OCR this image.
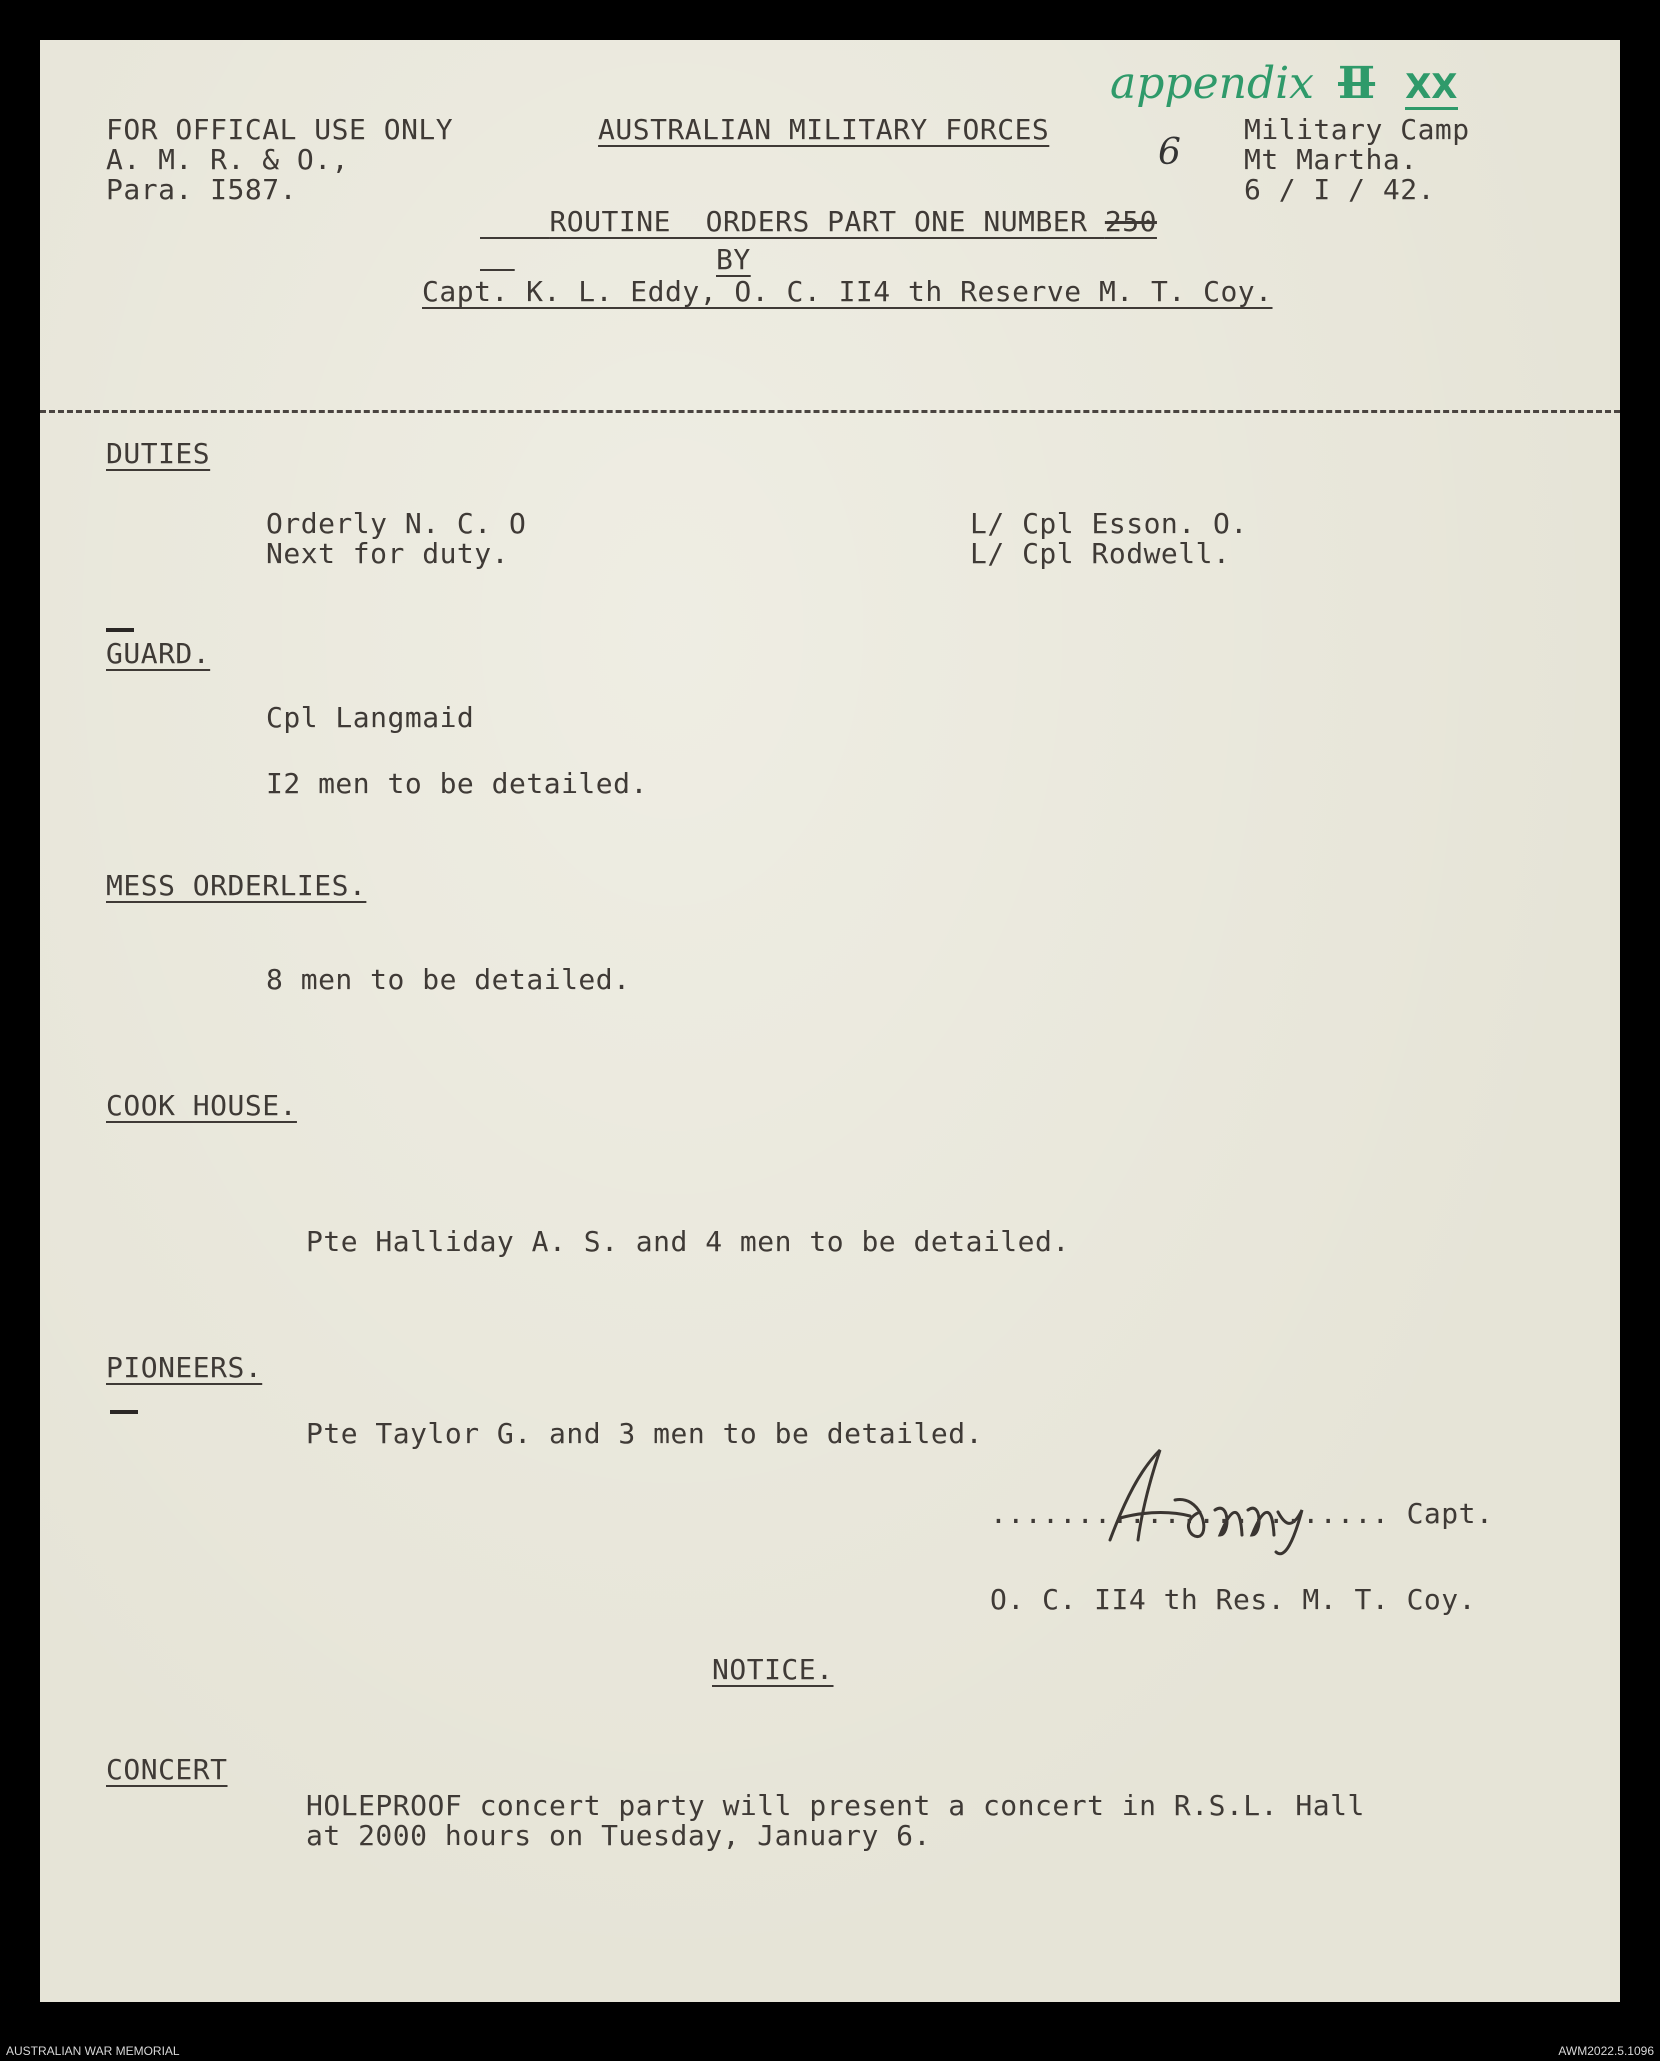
appendix Ⅱ XX
FOR OFFICAL USE ONLY
A. M. R. & O.,
Para. I587.
AUSTRALIAN MILITARY FORCES
6

ROUTINE  ORDERS PART ONE NUMBER 250

Military Camp
Mt Martha.
6 / I / 42.
BY
Capt. K. L. Eddy, O. C. II4 th Reserve M. T. Coy.
DUTIES
Orderly N. C. O	L/ Cpl Esson. O.
Next for duty.	L/ Cpl Rodwell.
GUARD.
Cpl Langmaid
I2 men to be detailed.
MESS ORDERLIES.
8 men to be detailed.
COOK HOUSE.
Pte Halliday A. S. and 4 men to be detailed.
PIONEERS.
Pte Taylor G. and 3 men to be detailed.
....................... Capt.
O. C. II4 th Res. M. T. Coy.
NOTICE.
CONCERT
HOLEPROOF concert party will present a concert in R.S.L. Hall
at 2000 hours on Tuesday, January 6.
AUSTRALIAN WAR MEMORIAL	AWM2022.5.1096
